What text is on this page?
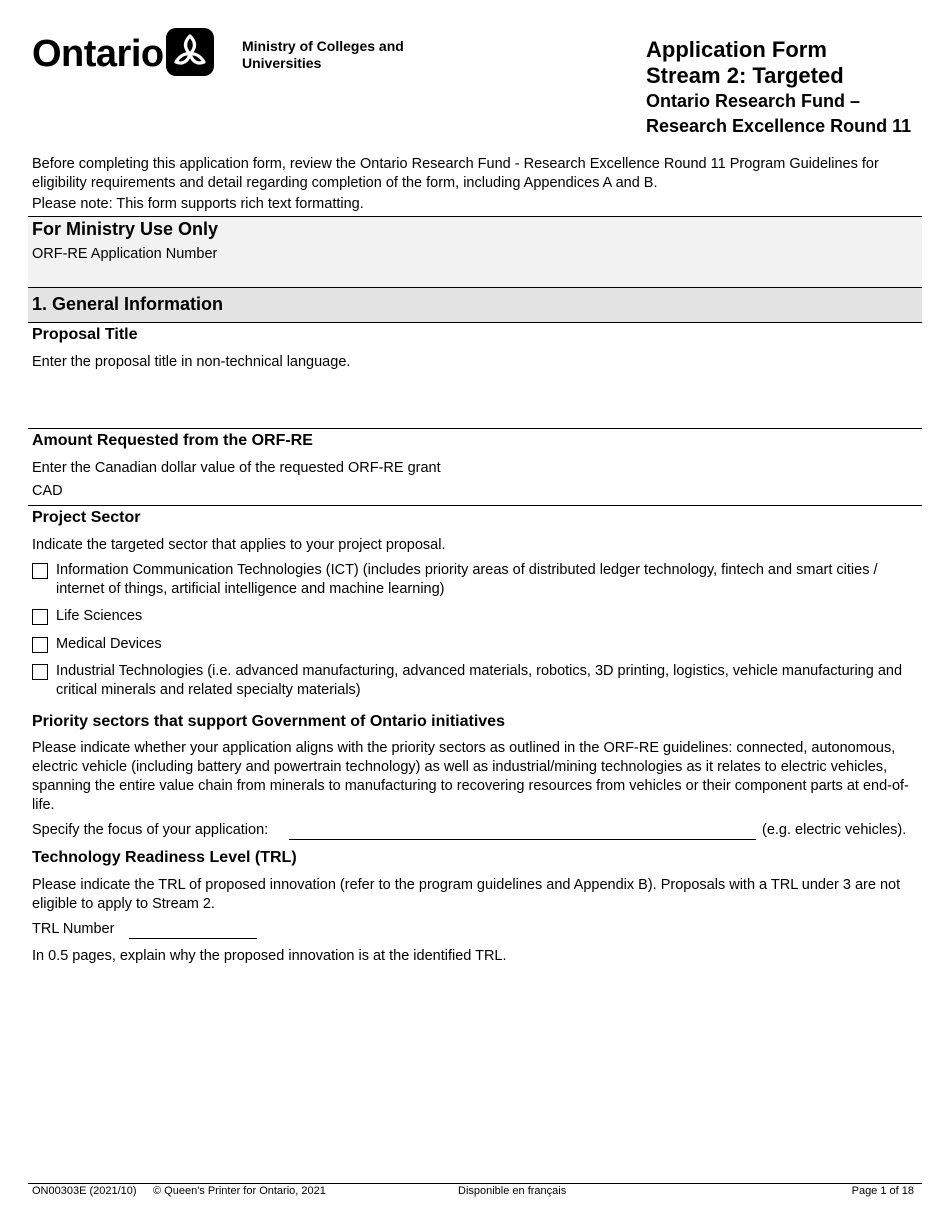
Ontario	Ministry of Colleges and Universities
Application Form
Stream 2: Targeted
Ontario Research Fund –
Research Excellence Round 11
Before completing this application form, review the Ontario Research Fund - Research Excellence Round 11 Program Guidelines for eligibility requirements and detail regarding completion of the form, including Appendices A and B.
Please note: This form supports rich text formatting.
For Ministry Use Only
ORF-RE Application Number
1. General Information
Proposal Title
Enter the proposal title in non-technical language.
Amount Requested from the ORF-RE
Enter the Canadian dollar value of the requested ORF-RE grant
CAD
Project Sector
Indicate the targeted sector that applies to your project proposal.
Information Communication Technologies (ICT) (includes priority areas of distributed ledger technology, fintech and smart cities / internet of things, artificial intelligence and machine learning)
Life Sciences
Medical Devices
Industrial Technologies (i.e. advanced manufacturing, advanced materials, robotics, 3D printing, logistics, vehicle manufacturing and critical minerals and related specialty materials)
Priority sectors that support Government of Ontario initiatives
Please indicate whether your application aligns with the priority sectors as outlined in the ORF-RE guidelines: connected, autonomous, electric vehicle (including battery and powertrain technology) as well as industrial/mining technologies as it relates to electric vehicles, spanning the entire value chain from minerals to manufacturing to recovering resources from vehicles or their component parts at end-of-life.
Specify the focus of your application:	(e.g. electric vehicles).
Technology Readiness Level (TRL)
Please indicate the TRL of proposed innovation (refer to the program guidelines and Appendix B). Proposals with a TRL under 3 are not eligible to apply to Stream 2.
TRL Number
In 0.5 pages, explain why the proposed innovation is at the identified TRL.
ON00303E (2021/10) © Queen's Printer for Ontario, 2021	Disponible en français	Page 1 of 18
